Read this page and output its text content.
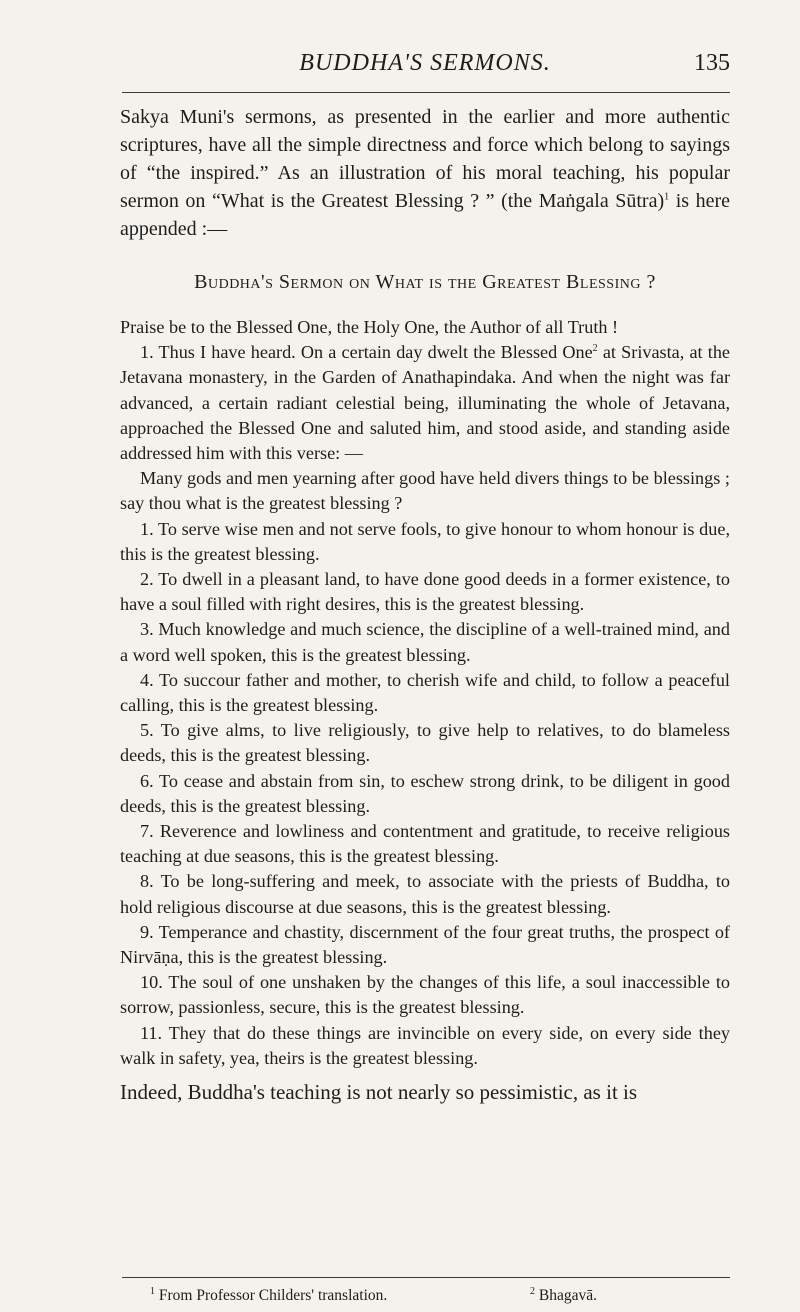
BUDDHA'S SERMONS.	135

Sakya Muni's sermons, as presented in the earlier and more authentic scriptures, have all the simple directness and force which belong to sayings of “the inspired.” As an illustration of his moral teaching, his popular sermon on “What is the Greatest Blessing ? ” (the Maṅgala Sūtra)$^1$ is here appended :—

Buddha's Sermon on What is the Greatest Blessing ?

Praise be to the Blessed One, the Holy One, the Author of all Truth !

1. Thus I have heard. On a certain day dwelt the Blessed One$^2$ at Srivasta, at the Jetavana monastery, in the Garden of Anathapindaka. And when the night was far advanced, a certain radiant celestial being, illuminating the whole of Jetavana, approached the Blessed One and saluted him, and stood aside, and standing aside addressed him with this verse: —

Many gods and men yearning after good have held divers things to be blessings ; say thou what is the greatest blessing ?

1. To serve wise men and not serve fools, to give honour to whom honour is due, this is the greatest blessing.

2. To dwell in a pleasant land, to have done good deeds in a former existence, to have a soul filled with right desires, this is the greatest blessing.

3. Much knowledge and much science, the discipline of a well-trained mind, and a word well spoken, this is the greatest blessing.

4. To succour father and mother, to cherish wife and child, to follow a peaceful calling, this is the greatest blessing.

5. To give alms, to live religiously, to give help to relatives, to do blameless deeds, this is the greatest blessing.

6. To cease and abstain from sin, to eschew strong drink, to be diligent in good deeds, this is the greatest blessing.

7. Reverence and lowliness and contentment and gratitude, to receive religious teaching at due seasons, this is the greatest blessing.

8. To be long-suffering and meek, to associate with the priests of Buddha, to hold religious discourse at due seasons, this is the greatest blessing.

9. Temperance and chastity, discernment of the four great truths, the prospect of Nirvāṇa, this is the greatest blessing.

10. The soul of one unshaken by the changes of this life, a soul inaccessible to sorrow, passionless, secure, this is the greatest blessing.

11. They that do these things are invincible on every side, on every side they walk in safety, yea, theirs is the greatest blessing.

Indeed, Buddha's teaching is not nearly so pessimistic, as it is

$^1$ From Professor Childers' translation.	$^2$ Bhagavā.
